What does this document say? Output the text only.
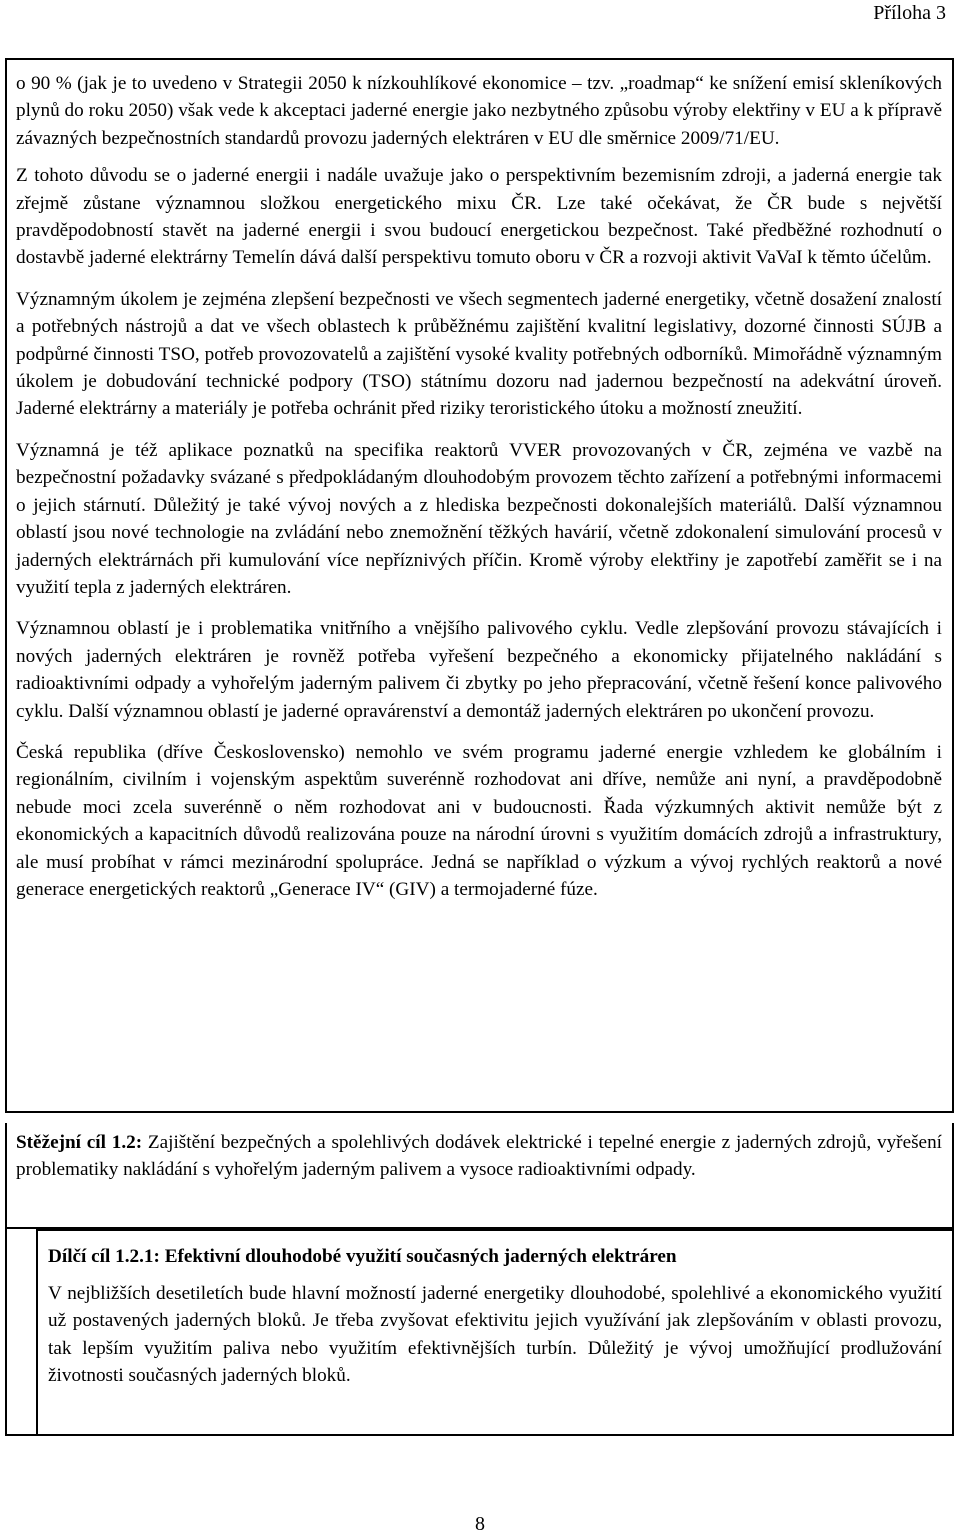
Příloha 3

o 90 % (jak je to uvedeno v Strategii 2050 k nízkouhlíkové ekonomice – tzv. „roadmap“ ke snížení emisí skleníkových plynů do roku 2050) však vede k akceptaci jaderné energie jako nezbytného způsobu výroby elektřiny v EU a k přípravě závazných bezpečnostních standardů provozu jaderných elektráren v EU dle směrnice 2009/71/EU.

Z tohoto důvodu se o jaderné energii i nadále uvažuje jako o perspektivním bezemisním zdroji, a jaderná energie tak zřejmě zůstane významnou složkou energetického mixu ČR. Lze také očekávat, že ČR bude s největší pravděpodobností stavět na jaderné energii i svou budoucí energetickou bezpečnost. Také předběžné rozhodnutí o dostavbě jaderné elektrárny Temelín dává další perspektivu tomuto oboru v ČR a rozvoji aktivit VaVaI k těmto účelům.

Významným úkolem je zejména zlepšení bezpečnosti ve všech segmentech jaderné energetiky, včetně dosažení znalostí a potřebných nástrojů a dat ve všech oblastech k průběžnému zajištění kvalitní legislativy, dozorné činnosti SÚJB a podpůrné činnosti TSO, potřeb provozovatelů a zajištění vysoké kvality potřebných odborníků. Mimořádně významným úkolem je dobudování technické podpory (TSO) státnímu dozoru nad jadernou bezpečností na adekvátní úroveň. Jaderné elektrárny a materiály je potřeba ochránit před riziky teroristického útoku a možností zneužití.

Významná je též aplikace poznatků na specifika reaktorů VVER provozovaných v ČR, zejména ve vazbě na bezpečnostní požadavky svázané s předpokládaným dlouhodobým provozem těchto zařízení a potřebnými informacemi o jejich stárnutí. Důležitý je také vývoj nových a z hlediska bezpečnosti dokonalejších materiálů. Další významnou oblastí jsou nové technologie na zvládání nebo znemožnění těžkých havárií, včetně zdokonalení simulování procesů v jaderných elektrárnách při kumulování více nepříznivých příčin. Kromě výroby elektřiny je zapotřebí zaměřit se i na využití tepla z jaderných elektráren.

Významnou oblastí je i problematika vnitřního a vnějšího palivového cyklu. Vedle zlepšování provozu stávajících i nových jaderných elektráren je rovněž potřeba vyřešení bezpečného a ekonomicky přijatelného nakládání s radioaktivními odpady a vyhořelým jaderným palivem či zbytky po jeho přepracování, včetně řešení konce palivového cyklu. Další významnou oblastí je jaderné opravárenství a demontáž jaderných elektráren po ukončení provozu.

Česká republika (dříve Československo) nemohlo ve svém programu jaderné energie vzhledem ke globálním i regionálním, civilním i vojenským aspektům suverénně rozhodovat ani dříve, nemůže ani nyní, a pravděpodobně nebude moci zcela suverénně o něm rozhodovat ani v budoucnosti. Řada výzkumných aktivit nemůže být z ekonomických a kapacitních důvodů realizována pouze na národní úrovni s využitím domácích zdrojů a infrastruktury, ale musí probíhat v rámci mezinárodní spolupráce. Jedná se například o výzkum a vývoj rychlých reaktorů a nové generace energetických reaktorů „Generace IV“ (GIV) a termojaderné fúze.

Stěžejní cíl 1.2: Zajištění bezpečných a spolehlivých dodávek elektrické i tepelné energie z jaderných zdrojů, vyřešení problematiky nakládání s vyhořelým jaderným palivem a vysoce radioaktivními odpady.

Dílčí cíl 1.2.1: Efektivní dlouhodobé využití současných jaderných elektráren

V nejbližších desetiletích bude hlavní možností jaderné energetiky dlouhodobé, spolehlivé a ekonomického využití už postavených jaderných bloků. Je třeba zvyšovat efektivitu jejich využívání jak zlepšováním v oblasti provozu, tak lepším využitím paliva nebo využitím efektivnějších turbín. Důležitý je vývoj umožňující prodlužování životnosti současných jaderných bloků.

8
